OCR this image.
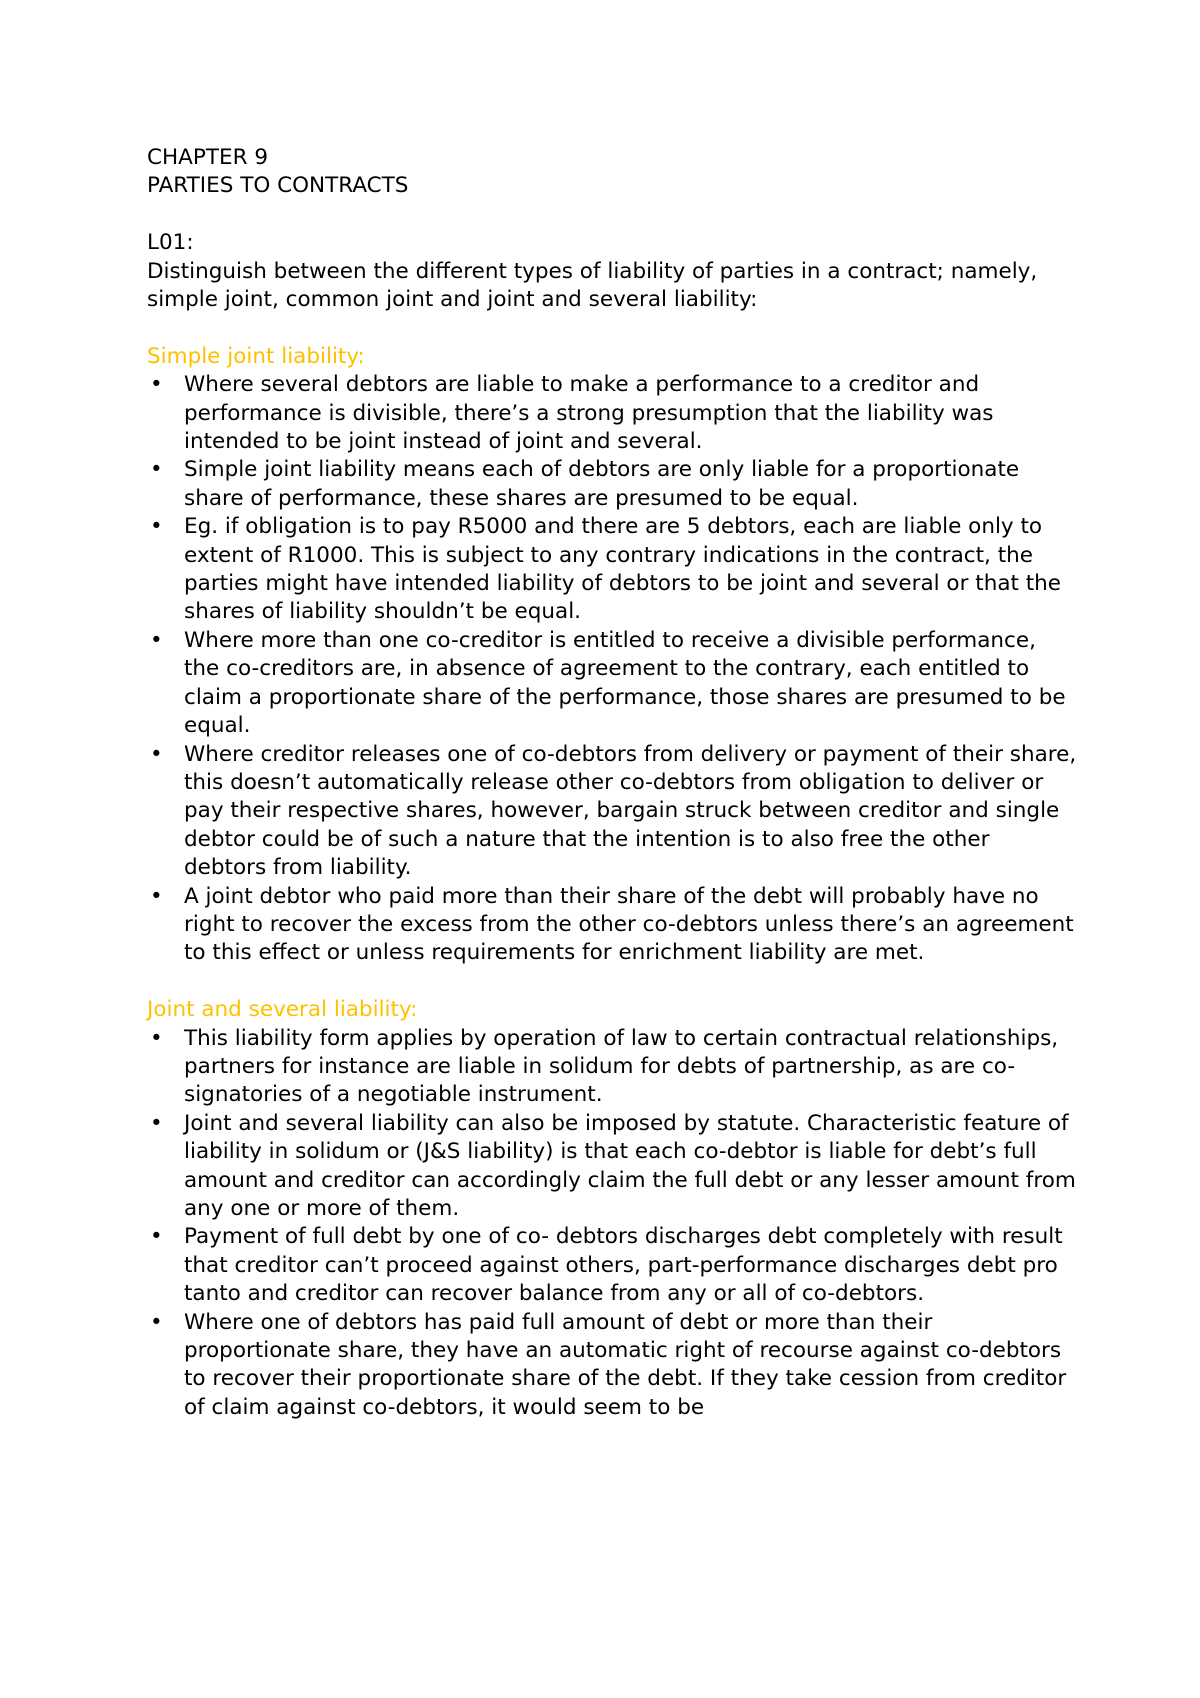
CHAPTER 9

PARTIES TO CONTRACTS

L01:

Distinguish between the different types of liability of parties in a contract; namely, simple joint, common joint and joint and several liability:

Simple joint liability:

• Where several debtors are liable to make a performance to a creditor and performance is divisible, there’s a strong presumption that the liability was intended to be joint instead of joint and several.
• Simple joint liability means each of debtors are only liable for a proportionate share of performance, these shares are presumed to be equal.
• Eg. if obligation is to pay R5000 and there are 5 debtors, each are liable only to extent of R1000. This is subject to any contrary indications in the contract, the parties might have intended liability of debtors to be joint and several or that the shares of liability shouldn’t be equal.
• Where more than one co-creditor is entitled to receive a divisible performance, the co-creditors are, in absence of agreement to the contrary, each entitled to claim a proportionate share of the performance, those shares are presumed to be equal.
• Where creditor releases one of co-debtors from delivery or payment of their share, this doesn’t automatically release other co-debtors from obligation to deliver or pay their respective shares, however, bargain struck between creditor and single debtor could be of such a nature that the intention is to also free the other debtors from liability.
• A joint debtor who paid more than their share of the debt will probably have no right to recover the excess from the other co-debtors unless there’s an agreement to this effect or unless requirements for enrichment liability are met.

Joint and several liability:

• This liability form applies by operation of law to certain contractual relationships, partners for instance are liable in solidum for debts of partnership, as are co-signatories of a negotiable instrument.
• Joint and several liability can also be imposed by statute. Characteristic feature of liability in solidum or (J&S liability) is that each co-debtor is liable for debt’s full amount and creditor can accordingly claim the full debt or any lesser amount from any one or more of them.
• Payment of full debt by one of co- debtors discharges debt completely with result that creditor can’t proceed against others, part-performance discharges debt pro tanto and creditor can recover balance from any or all of co-debtors.
• Where one of debtors has paid full amount of debt or more than their proportionate share, they have an automatic right of recourse against co-debtors to recover their proportionate share of the debt. If they take cession from creditor of claim against co-debtors, it would seem to be
